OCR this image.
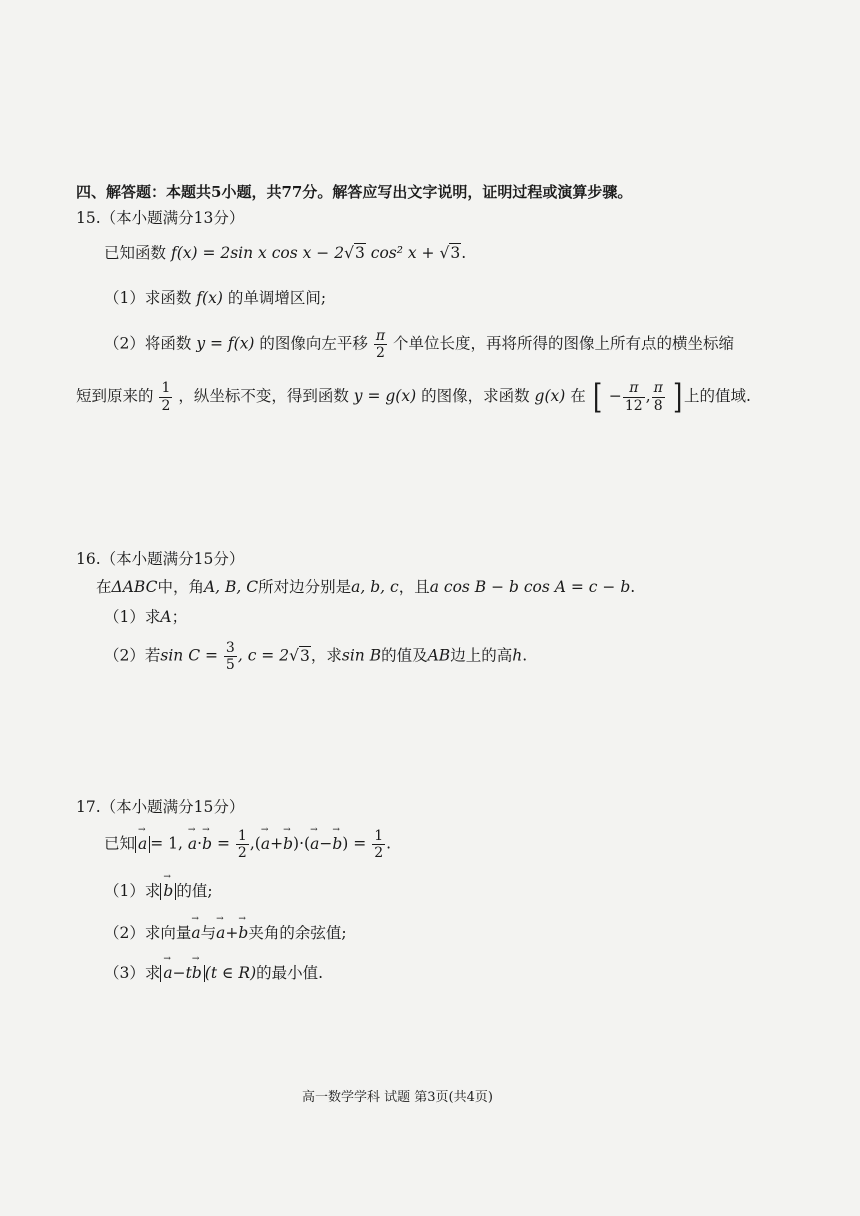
四、解答题：本题共5小题，共77分。解答应写出文字说明，证明过程或演算步骤。
15.（本小题满分13分）
已知函数 f(x) = 2sin x cos x − 2√3 cos² x + √3.
（1）求函数 f(x) 的单调增区间;
（2）将函数 y = f(x) 的图像向左平移 $\frac{\pi}{2}$ 个单位长度，再将所得的图像上所有点的横坐标缩
短到原来的 $\frac{1}{2}$ ，纵坐标不变，得到函数 y = g(x) 的图像，求函数 g(x) 在 [ − $\frac{\pi}{12}$ , $\frac{\pi}{8}$ ] 上的值域.
16.（本小题满分15分）
在ΔABC中，角A, B, C所对边分别是a, b, c，且a cos B − b cos A = c − b.
（1）求A；
（2）若$\sin C = \frac{3}{5}$ , c = 2√3，求sin B的值及AB边上的高h.
17.（本小题满分15分）
已知 → a = 1, → $a\cdot\to b = \frac{1}{2}$ ,(→ $a+\to b)\cdot(\to a-\to b) = \frac{1}{2}$ .
（1）求 → b 的值;
（2）求向量→ a与→ a+→ b夹角的余弦值;
（3）求 → a−t→ b (t ∈ R)的最小值.
高一数学学科 试题 第3页(共4页)
